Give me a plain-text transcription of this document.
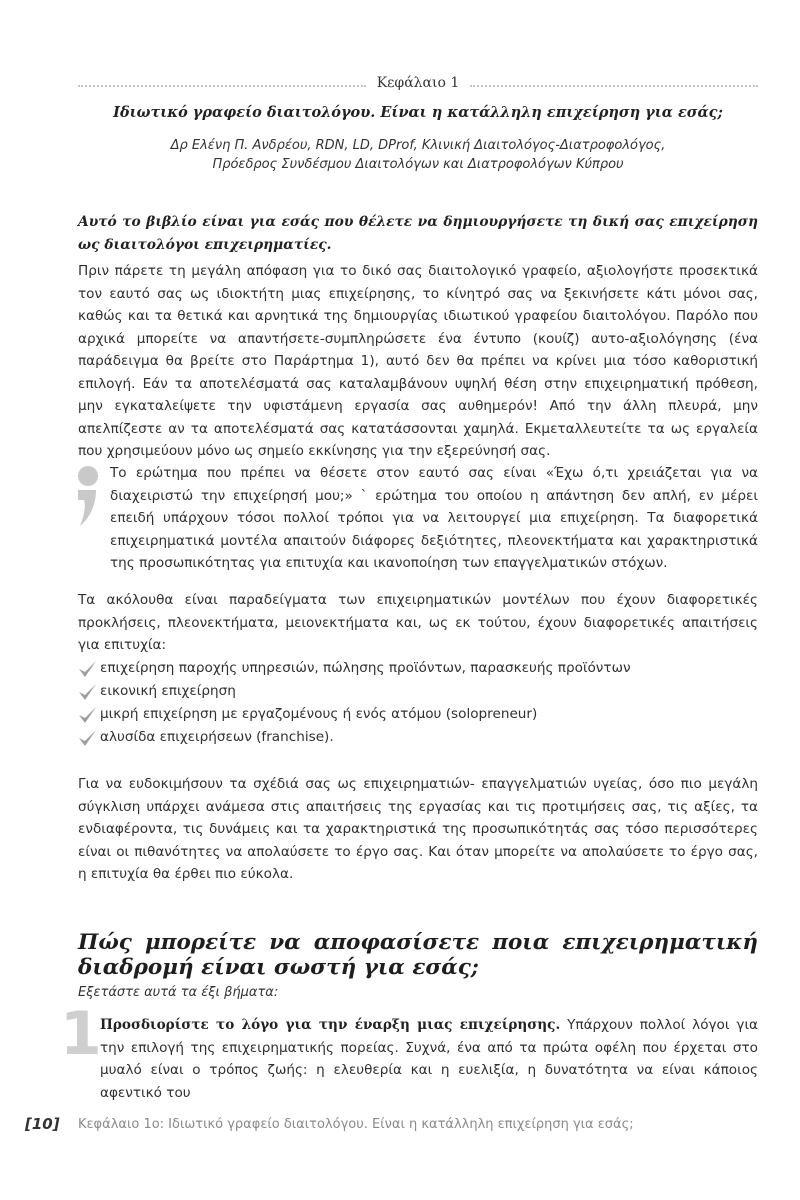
Κεφάλαιο 1
Ιδιωτικό γραφείο διαιτολόγου. Είναι η κατάλληλη επιχείρηση για εσάς;
Δρ Ελένη Π. Ανδρέου, RDN, LD, DProf, Κλινική Διαιτολόγος-Διατροφολόγος,
Πρόεδρος Συνδέσμου Διαιτολόγων και Διατροφολόγων Κύπρου
Αυτό το βιβλίο είναι για εσάς που θέλετε να δημιουργήσετε τη δική σας επιχείρηση ως διαιτολόγοι επιχειρηματίες.
Πριν πάρετε τη μεγάλη απόφαση για το δικό σας διαιτολογικό γραφείο, αξιολογήστε προσεκτικά τον εαυτό σας ως ιδιοκτήτη μιας επιχείρησης, το κίνητρό σας να ξεκινήσετε κάτι μόνοι σας, καθώς και τα θετικά και αρνητικά της δημιουργίας ιδιωτικού γραφείου διαιτολόγου. Παρόλο που αρχικά μπορείτε να απαντήσετε-συμπληρώσετε ένα έντυπο (κουίζ) αυτο-αξιολόγησης (ένα παράδειγμα θα βρείτε στο Παράρτημα 1), αυτό δεν θα πρέπει να κρίνει μια τόσο καθοριστική επιλογή. Εάν τα αποτελέσματά σας καταλαμβάνουν υψηλή θέση στην επιχειρηματική πρόθεση, μην εγκαταλείψετε την υφιστάμενη εργασία σας αυθημερόν! Από την άλλη πλευρά, μην απελπίζεστε αν τα αποτελέσματά σας κατατάσσονται χαμηλά. Εκμεταλλευτείτε τα ως εργαλεία που χρησιμεύουν μόνο ως σημείο εκκίνησης για την εξερεύνησή σας.
Το ερώτημα που πρέπει να θέσετε στον εαυτό σας είναι «Έχω ό,τι χρειάζεται για να διαχειριστώ την επιχείρησή μου;» ` ερώτημα του οποίου η απάντηση δεν απλή, εν μέρει επειδή υπάρχουν τόσοι πολλοί τρόποι για να λειτουργεί μια επιχείρηση. Τα διαφορετικά επιχειρηματικά μοντέλα απαιτούν διάφορες δεξιότητες, πλεονεκτήματα και χαρακτηριστικά της προσωπικότητας για επιτυχία και ικανοποίηση των επαγγελματικών στόχων.
Τα ακόλουθα είναι παραδείγματα των επιχειρηματικών μοντέλων που έχουν διαφορετικές προκλήσεις, πλεονεκτήματα, μειονεκτήματα και, ως εκ τούτου, έχουν διαφορετικές απαιτήσεις για επιτυχία:
επιχείρηση παροχής υπηρεσιών, πώλησης προϊόντων, παρασκευής προϊόντων
εικονική επιχείρηση
μικρή επιχείρηση με εργαζομένους ή ενός ατόμου (solopreneur)
αλυσίδα επιχειρήσεων (franchise).
Για να ευδοκιμήσουν τα σχέδιά σας ως επιχειρηματιών- επαγγελματιών υγείας, όσο πιο μεγάλη σύγκλιση υπάρχει ανάμεσα στις απαιτήσεις της εργασίας και τις προτιμήσεις σας, τις αξίες, τα ενδιαφέροντα, τις δυνάμεις και τα χαρακτηριστικά της προσωπικότητάς σας τόσο περισσότερες είναι οι πιθανότητες να απολαύσετε το έργο σας. Και όταν μπορείτε να απολαύσετε το έργο σας, η επιτυχία θα έρθει πιο εύκολα.
Πώς μπορείτε να αποφασίσετε ποια επιχειρηματική διαδρομή είναι σωστή για εσάς;
Εξετάστε αυτά τα έξι βήματα:
1
Προσδιορίστε το λόγο για την έναρξη μιας επιχείρησης. Υπάρχουν πολλοί λόγοι για την επιλογή της επιχειρηματικής πορείας. Συχνά, ένα από τα πρώτα οφέλη που έρχεται στο μυαλό είναι ο τρόπος ζωής: η ελευθερία και η ευελιξία, η δυνατότητα να είναι κάποιος αφεντικό του
[10] Κεφάλαιο 1ο: Ιδιωτικό γραφείο διαιτολόγου. Είναι η κατάλληλη επιχείρηση για εσάς;
